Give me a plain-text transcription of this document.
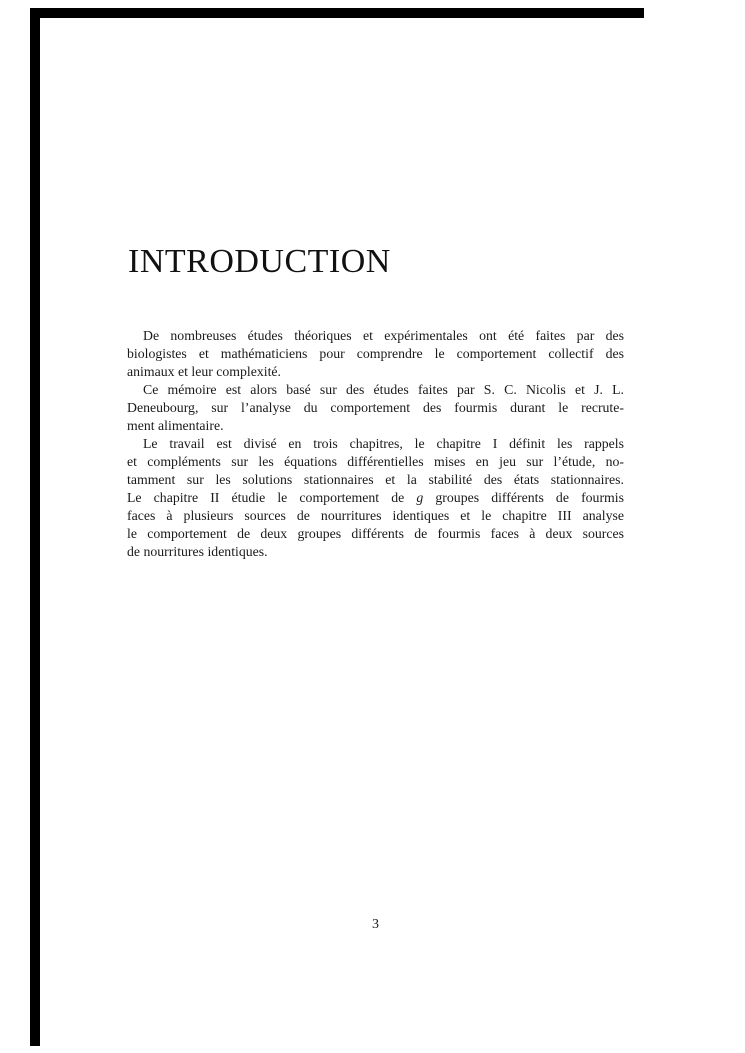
INTRODUCTION
De nombreuses études théoriques et expérimentales ont été faites par des
biologistes et mathématiciens pour comprendre le comportement collectif des
animaux et leur complexité.
Ce mémoire est alors basé sur des études faites par S. C. Nicolis et J. L.
Deneubourg, sur l’analyse du comportement des fourmis durant le recrute-
ment alimentaire.
Le travail est divisé en trois chapitres, le chapitre I définit les rappels
et compléments sur les équations différentielles mises en jeu sur l’étude, no-
tamment sur les solutions stationnaires et la stabilité des états stationnaires.
Le chapitre II étudie le comportement de g groupes différents de fourmis
faces à plusieurs sources de nourritures identiques et le chapitre III analyse
le comportement de deux groupes différents de fourmis faces à deux sources
de nourritures identiques.
3
